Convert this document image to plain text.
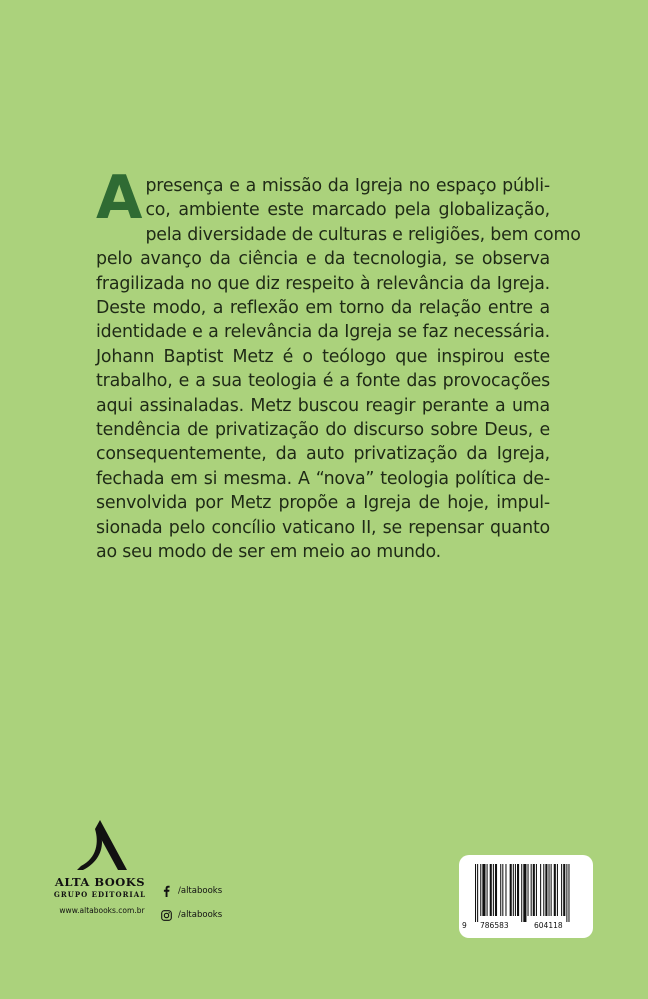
A presença e a missão da Igreja no espaço públi-
co, ambiente este marcado pela globalização,
pela diversidade de culturas e religiões, bem como
pelo avanço da ciência e da tecnologia, se observa
fragilizada no que diz respeito à relevância da Igreja.
Deste modo, a reflexão em torno da relação entre a
identidade e a relevância da Igreja se faz necessária.
Johann Baptist Metz é o teólogo que inspirou este
trabalho, e a sua teologia é a fonte das provocações
aqui assinaladas. Metz buscou reagir perante a uma
tendência de privatização do discurso sobre Deus, e
consequentemente, da auto privatização da Igreja,
fechada em si mesma. A “nova” teologia política de-
senvolvida por Metz propõe a Igreja de hoje, impul-
sionada pelo concílio vaticano II, se repensar quanto
ao seu modo de ser em meio ao mundo.
ALTA BOOKS
GRUPO EDITORIAL
www.altabooks.com.br
/altabooks
/altabooks
9 786583	604118
